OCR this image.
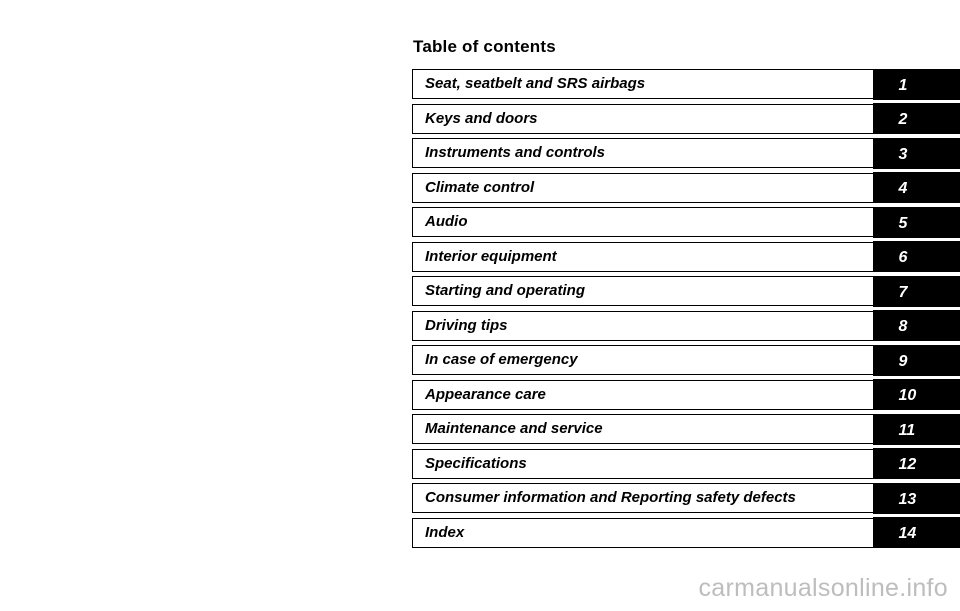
Table of contents
Seat, seatbelt and SRS airbags	1
Keys and doors	2
Instruments and controls	3
Climate control	4
Audio	5
Interior equipment	6
Starting and operating	7
Driving tips	8
In case of emergency	9
Appearance care	10
Maintenance and service	11
Specifications	12
Consumer information and Reporting safety defects	13
Index	14
carmanualsonline.info
